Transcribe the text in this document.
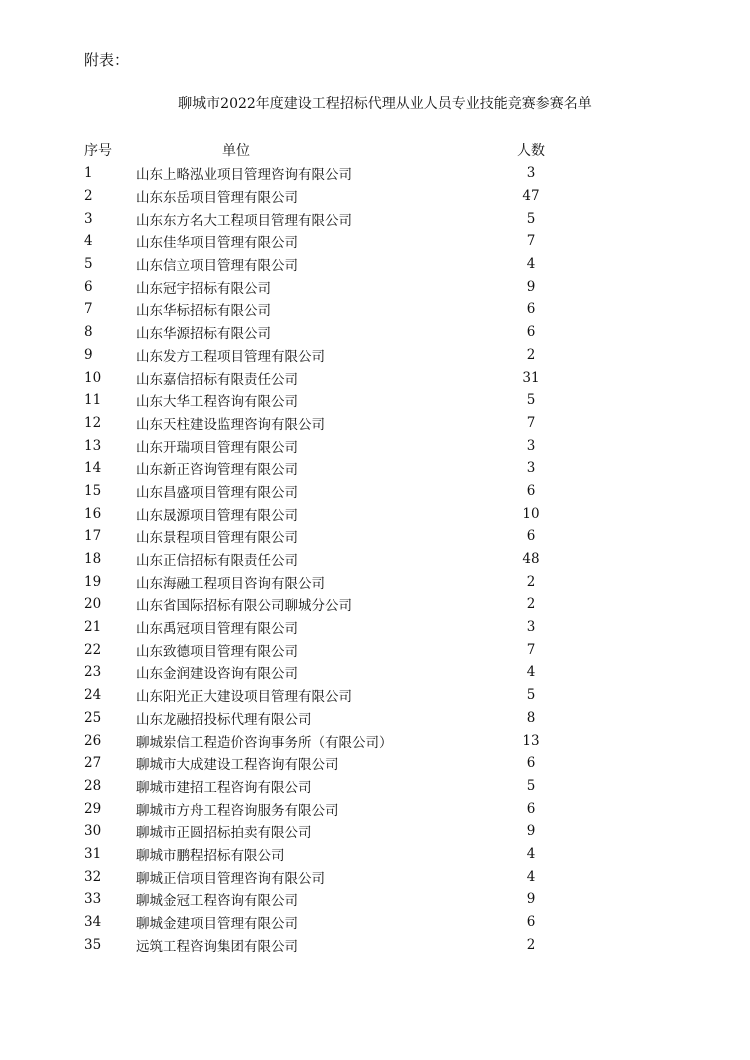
附表：
聊城市2022年度建设工程招标代理从业人员专业技能竞赛参赛名单
序号	单位	人数
1	山东上略泓业项目管理咨询有限公司	3
2	山东东岳项目管理有限公司	47
3	山东东方名大工程项目管理有限公司	5
4	山东佳华项目管理有限公司	7
5	山东信立项目管理有限公司	4
6	山东冠宇招标有限公司	9
7	山东华标招标有限公司	6
8	山东华源招标有限公司	6
9	山东发方工程项目管理有限公司	2
10	山东嘉信招标有限责任公司	31
11	山东大华工程咨询有限公司	5
12	山东天柱建设监理咨询有限公司	7
13	山东开瑞项目管理有限公司	3
14	山东新正咨询管理有限公司	3
15	山东昌盛项目管理有限公司	6
16	山东晟源项目管理有限公司	10
17	山东景程项目管理有限公司	6
18	山东正信招标有限责任公司	48
19	山东海融工程项目咨询有限公司	2
20	山东省国际招标有限公司聊城分公司	2
21	山东禹冠项目管理有限公司	3
22	山东致德项目管理有限公司	7
23	山东金润建设咨询有限公司	4
24	山东阳光正大建设项目管理有限公司	5
25	山东龙融招投标代理有限公司	8
26	聊城岽信工程造价咨询事务所（有限公司）	13
27	聊城市大成建设工程咨询有限公司	6
28	聊城市建招工程咨询有限公司	5
29	聊城市方舟工程咨询服务有限公司	6
30	聊城市正圆招标拍卖有限公司	9
31	聊城市鹏程招标有限公司	4
32	聊城正信项目管理咨询有限公司	4
33	聊城金冠工程咨询有限公司	9
34	聊城金建项目管理有限公司	6
35	远筑工程咨询集团有限公司	2
